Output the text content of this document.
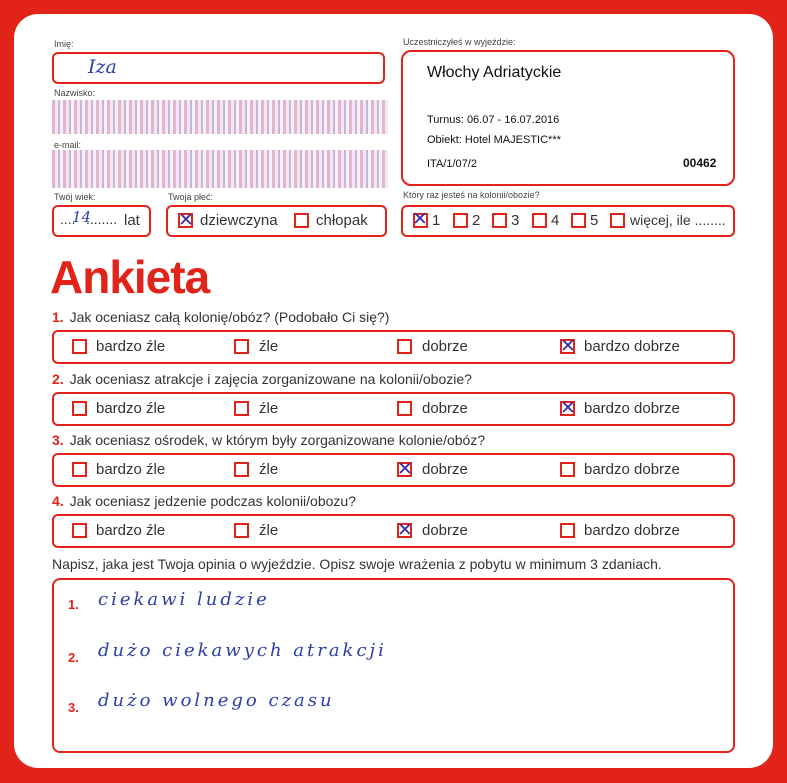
Imię:
Iza
Nazwisko:
e-mail:
Twój wiek:
....
14
........ lat
Twoja płeć:
✕ dziewczyna	chłopak
Uczestniczyłeś w wyjeździe:
Włochy Adriatyckie
Turnus: 06.07 - 16.07.2016
Obiekt: Hotel MAJESTIC***
ITA/1/07/2	00462
Który raz jesteś na kolonii/obozie?
✕ 1 2 3 4 5 więcej, ile ........
Ankieta
1. Jak oceniasz całą kolonię/obóz? (Podobało Ci się?)
bardzo źle	źle	dobrze	✕ bardzo dobrze
2. Jak oceniasz atrakcje i zajęcia zorganizowane na kolonii/obozie?
bardzo źle	źle	dobrze	✕ bardzo dobrze
3. Jak oceniasz ośrodek, w którym były zorganizowane kolonie/obóz?
bardzo źle	źle	✕ dobrze	bardzo dobrze
4. Jak oceniasz jedzenie podczas kolonii/obozu?
bardzo źle	źle	✕ dobrze	bardzo dobrze
Napisz, jaka jest Twoja opinia o wyjeździe. Opisz swoje wrażenia z pobytu w minimum 3 zdaniach.
1. ciekawi ludzie
2. dużo ciekawych atrakcji
3. dużo wolnego czasu
